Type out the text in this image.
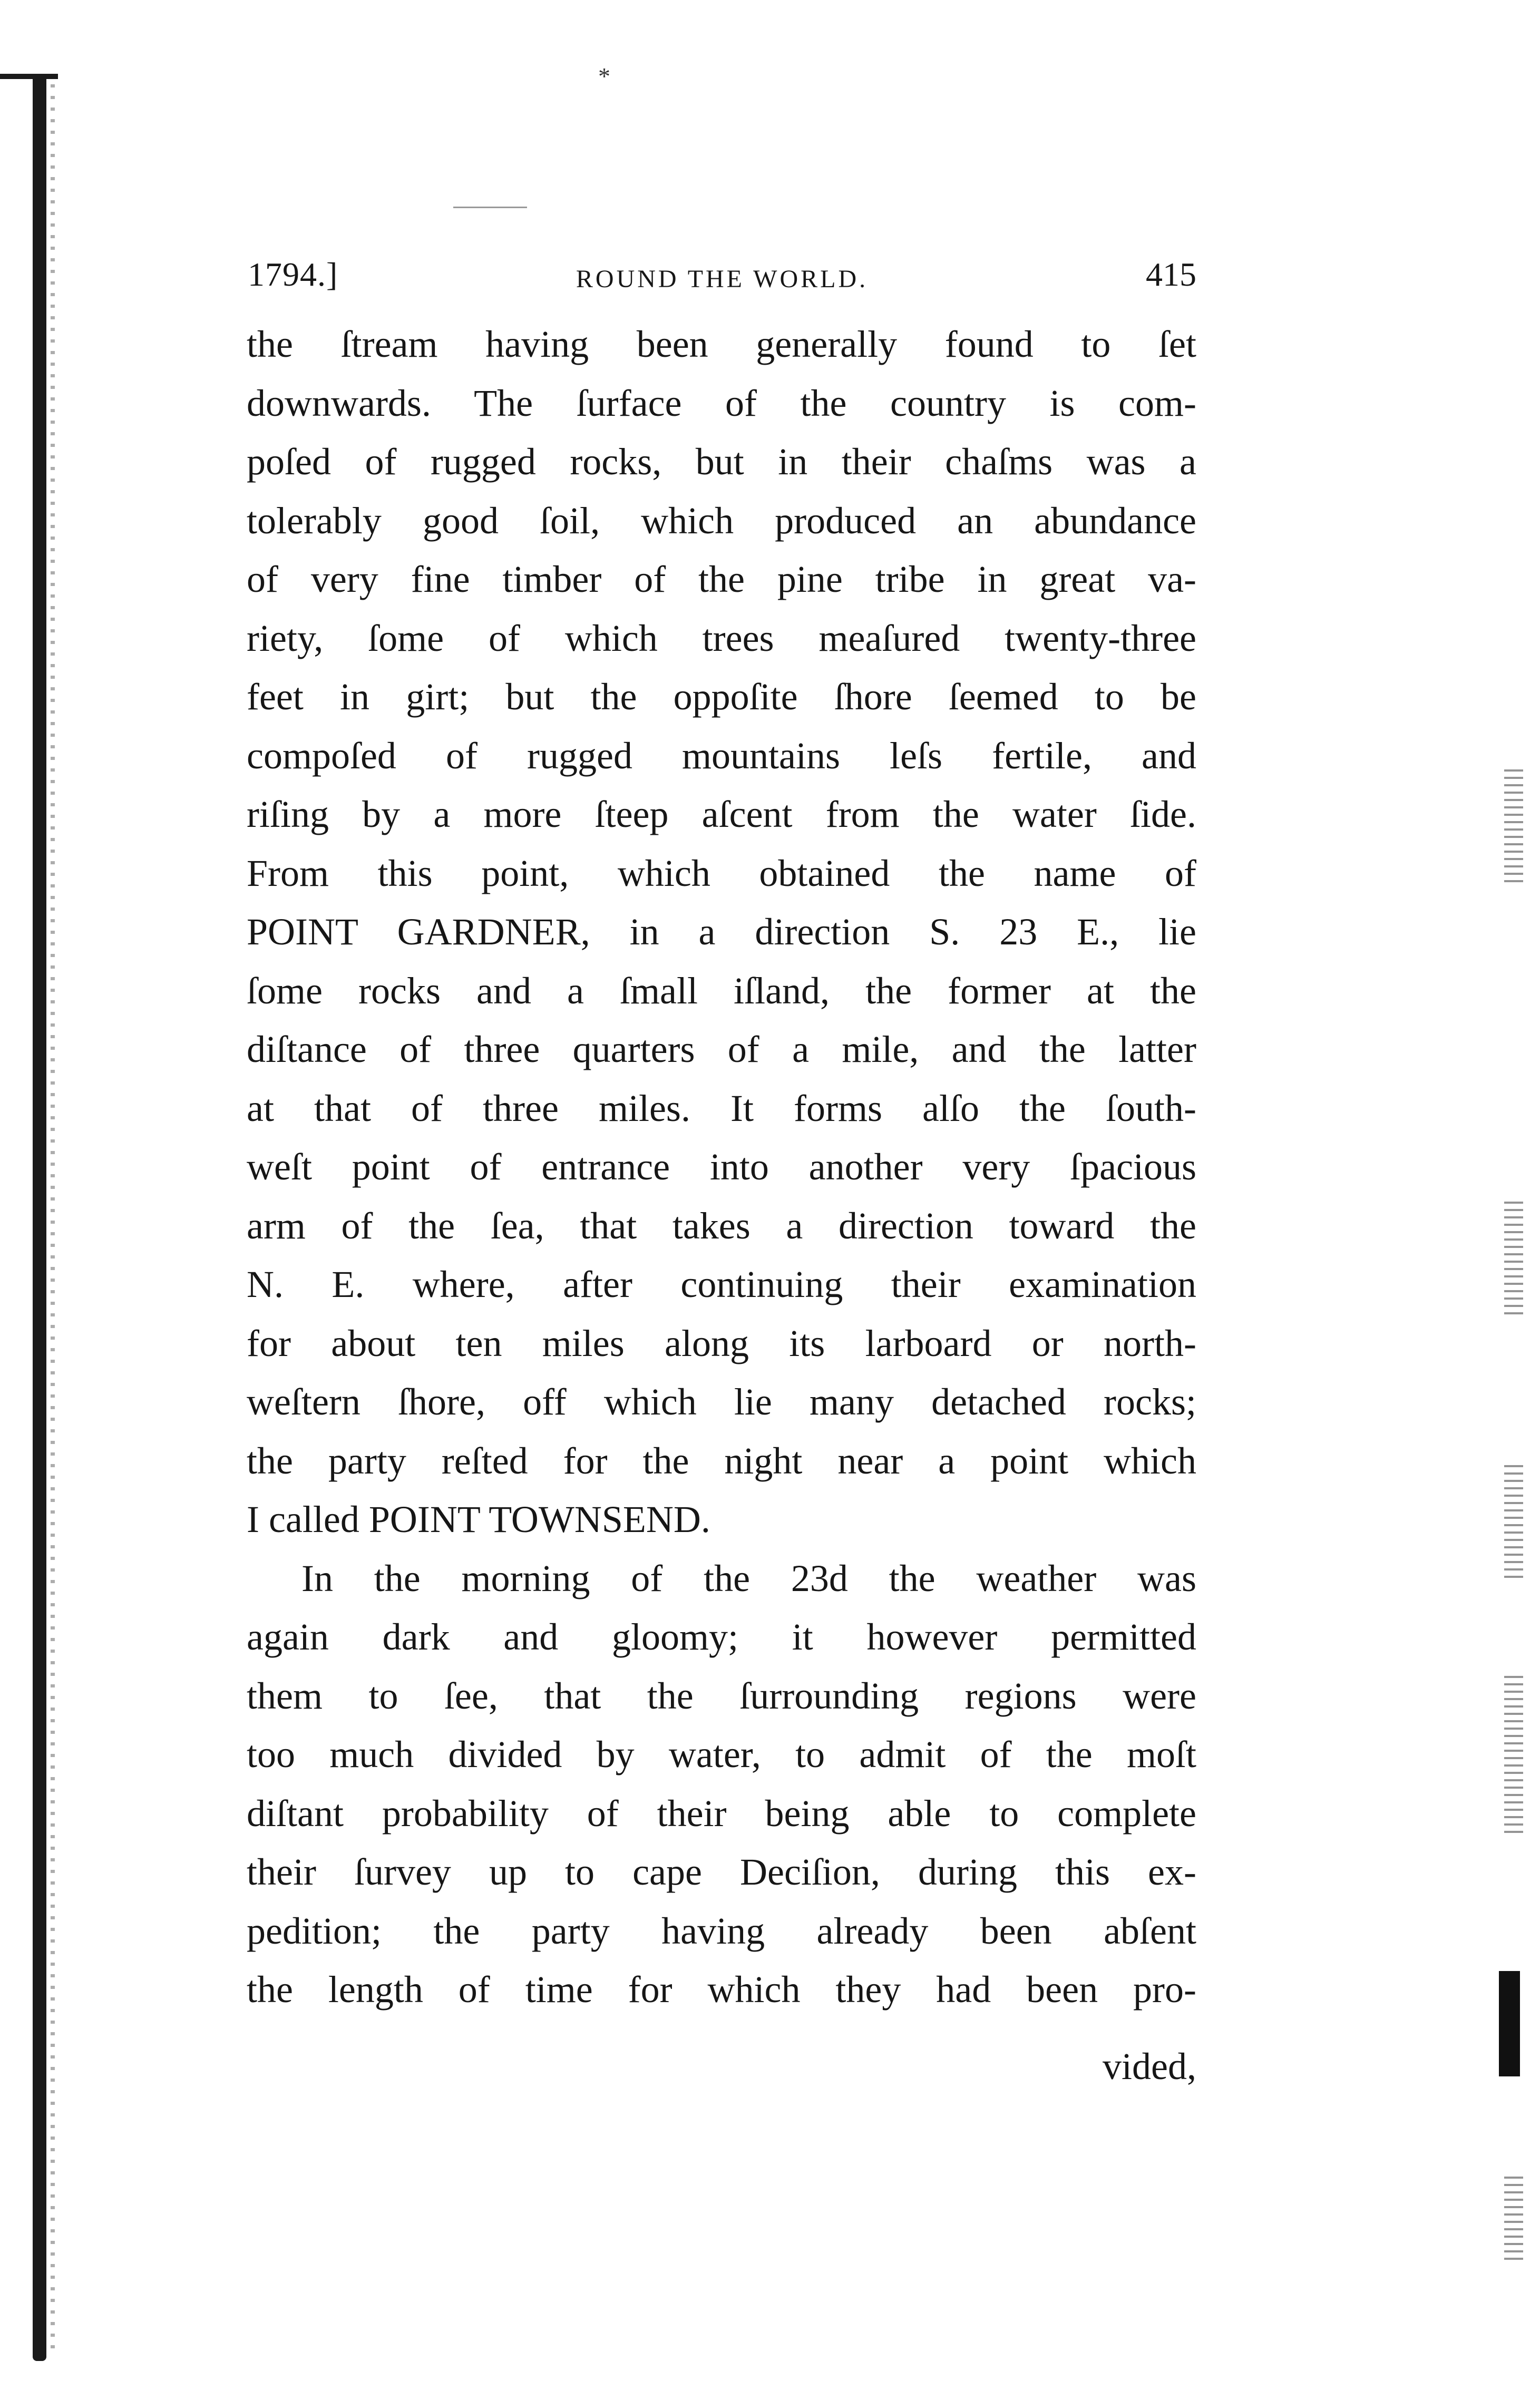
*
1794.]	ROUND THE WORLD.	415
the ſtream having been generally found to ſet
downwards. The ſurface of the country is com-
poſed of rugged rocks, but in their chaſms was a
tolerably good ſoil, which produced an abundance
of very fine timber of the pine tribe in great va-
riety, ſome of which trees meaſured twenty-three
feet in girt; but the oppoſite ſhore ſeemed to be
compoſed of rugged mountains leſs fertile, and
riſing by a more ſteep aſcent from the water ſide.
From this point, which obtained the name of
POINT GARDNER, in a direction S. 23 E., lie
ſome rocks and a ſmall iſland, the former at the
diſtance of three quarters of a mile, and the latter
at that of three miles. It forms alſo the ſouth-
weſt point of entrance into another very ſpacious
arm of the ſea, that takes a direction toward the
N. E. where, after continuing their examination
for about ten miles along its larboard or north-
weſtern ſhore, off which lie many detached rocks;
the party reſted for the night near a point which
I called POINT TOWNSEND.
In the morning of the 23d the weather was
again dark and gloomy; it however permitted
them to ſee, that the ſurrounding regions were
too much divided by water, to admit of the moſt
diſtant probability of their being able to complete
their ſurvey up to cape Deciſion, during this ex-
pedition; the party having already been abſent
the length of time for which they had been pro-
vided,
